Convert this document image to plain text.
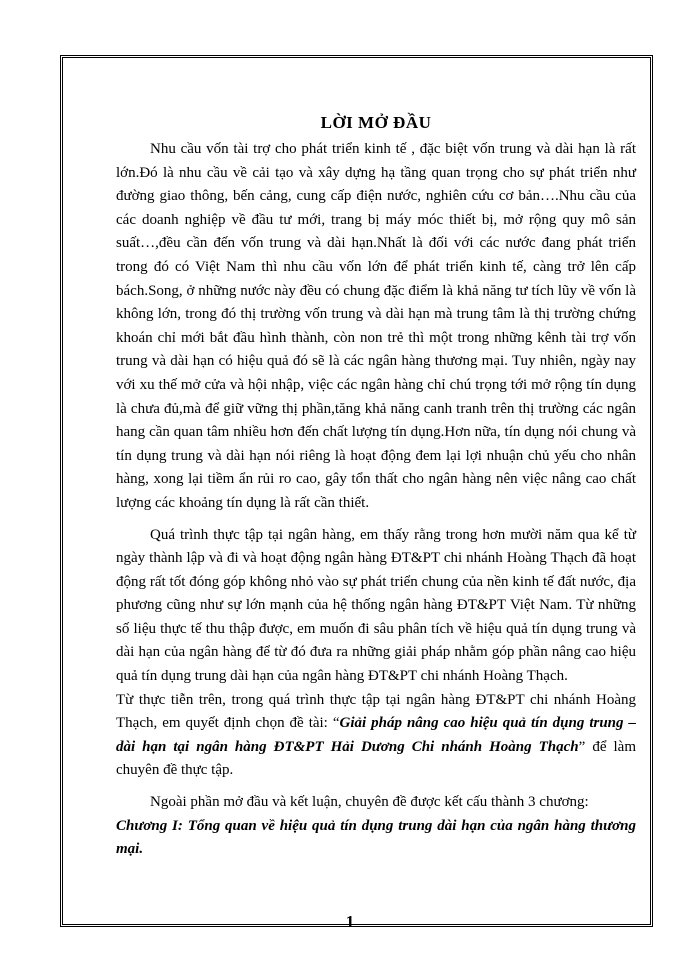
LỜI MỞ ĐẦU

Nhu cầu vốn tài trợ cho phát triển kinh tế , đặc biệt vốn trung và dài hạn là rất lớn.Đó là nhu cầu về cải tạo và xây dựng hạ tầng quan trọng cho sự phát triển như đường giao thông, bến cảng, cung cấp điện nước, nghiên cứu cơ bản….Nhu cầu của các doanh nghiệp về đầu tư mới, trang bị máy móc thiết bị, mở rộng quy mô sản suất…,đều cần đến vốn trung và dài hạn.Nhất là đối với các nước đang phát triển trong đó có Việt Nam thì nhu cầu vốn lớn để phát triển kinh tế, càng trở lên cấp bách.Song, ở những nước này đều có chung đặc điểm là khả năng tư tích lũy về vốn là không lớn, trong đó thị trường vốn trung và dài hạn mà trung tâm là thị trường chứng khoán chỉ mới bắt đầu hình thành, còn non trẻ thì một trong những kênh tài trợ vốn trung và dài hạn có hiệu quả đó sẽ là các ngân hàng thương mại. Tuy nhiên, ngày nay với xu thế mở cửa và hội nhập, việc các ngân hàng chỉ chú trọng tới mở rộng tín dụng là chưa đủ,mà để giữ vững thị phần,tăng khả năng canh tranh trên thị trường các ngân hang cần quan tâm nhiều hơn đến chất lượng tín dụng.Hơn nữa, tín dụng nói chung và tín dụng trung và dài hạn nói riêng là hoạt động đem lại lợi nhuận chủ yếu cho nhân hàng, xong lại tiềm ẩn rủi ro cao, gây tổn thất cho ngân hàng nên việc nâng cao chất lượng các khoảng tín dụng là rất cần thiết.

Quá trình thực tập tại ngân hàng, em thấy rằng trong hơn mười năm qua kể từ ngày thành lập và đi và hoạt động ngân hàng ĐT&PT chi nhánh Hoàng Thạch đã hoạt động rất tốt đóng góp không nhỏ vào sự phát triển chung của nền kinh tế đất nước, địa phương cũng như sự lớn mạnh của hệ thống ngân hàng ĐT&PT Việt Nam. Từ những số liệu thực tế thu thập được, em muốn đi sâu phân tích về hiệu quả tín dụng trung và dài hạn của ngân hàng để từ đó đưa ra những giải pháp nhằm góp phần nâng cao hiệu quả tín dụng trung dài hạn của ngân hàng ĐT&PT chi nhánh Hoàng Thạch.

Từ thực tiễn trên, trong quá trình thực tập tại ngân hàng ĐT&PT chi nhánh Hoàng Thạch, em quyết định chọn đề tài: “Giải pháp nâng cao hiệu quả tín dụng trung – dài hạn tại ngân hàng ĐT&PT Hải Dương Chi nhánh Hoàng Thạch” để làm chuyên đề thực tập.

Ngoài phần mở đầu và kết luận, chuyên đề được kết cấu thành 3 chương:

Chương I: Tổng quan về hiệu quả tín dụng trung dài hạn của ngân hàng thương mại.

1
